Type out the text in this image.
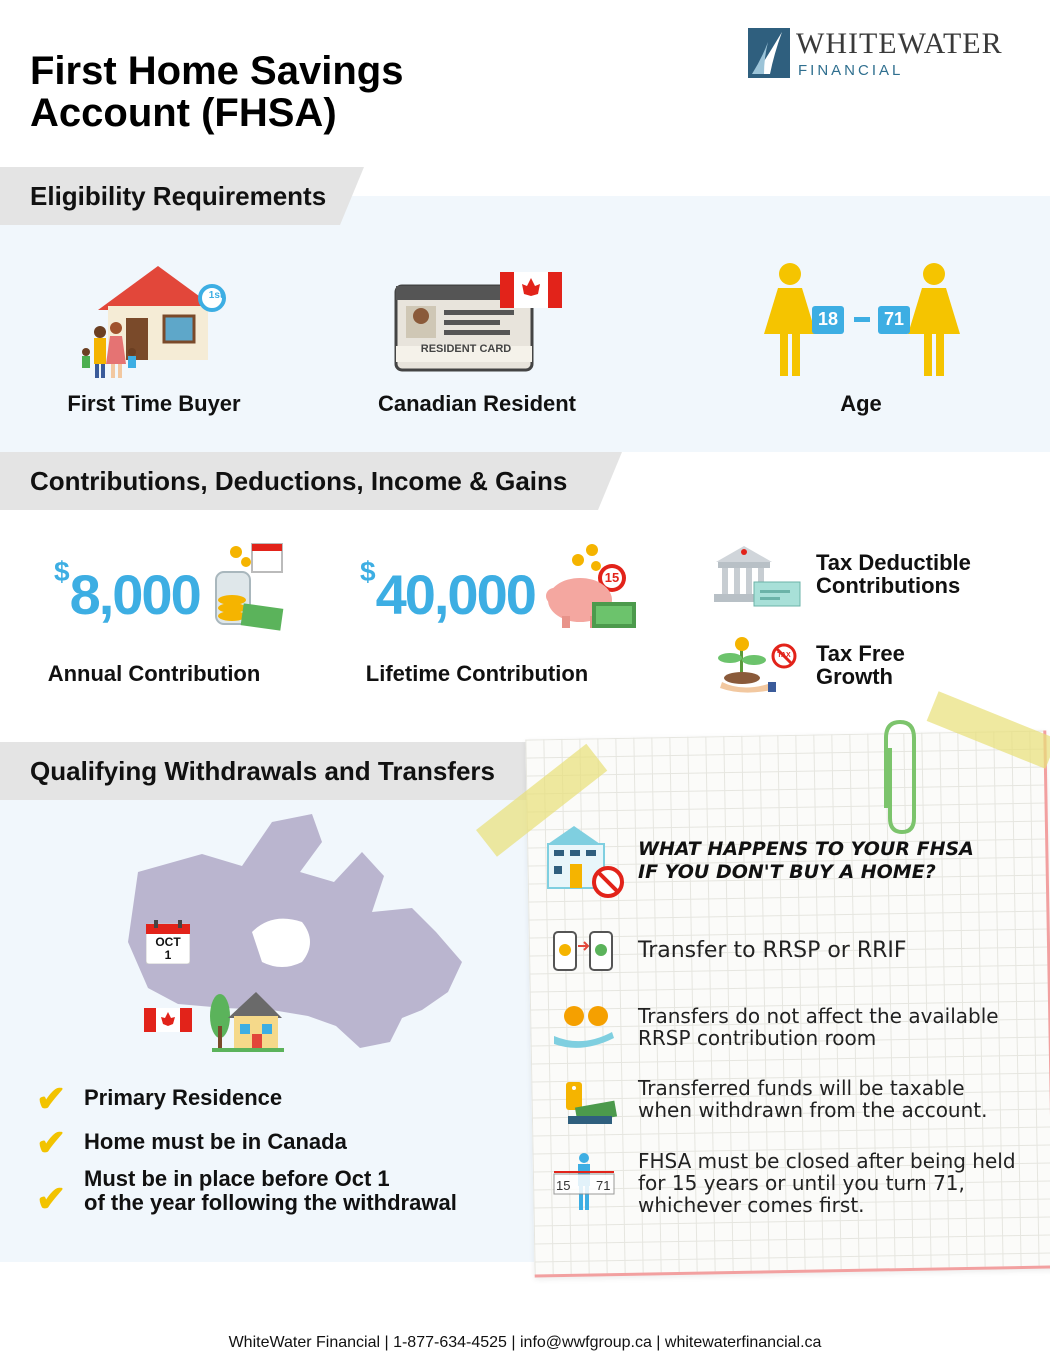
First Home Savings
Account (FHSA)
WHITEWATER
FINANCIAL
Eligibility Requirements
1st
First Time Buyer
RESIDENT CARD
Canadian Resident
18	71
Age
Contributions, Deductions, Income & Gains
$8,000
Annual Contribution
$40,000	15
Lifetime Contribution
Tax Deductible
Contributions
TAX Tax Free
Growth
Qualifying Withdrawals and Transfers
OCT
1
✔ Primary Residence
✔ Home must be in Canada
✔ Must be in place before Oct 1
of the year following the withdrawal
WHAT HAPPENS TO YOUR FHSA
IF YOU DON'T BUY A HOME?
Transfer to RRSP or RRIF
Transfers do not affect the available
RRSP contribution room
Transferred funds will be taxable
when withdrawn from the account.
15 71
FHSA must be closed after being held
for 15 years or until you turn 71,
whichever comes first.
WhiteWater Financial | 1-877-634-4525 | info@wwfgroup.ca | whitewaterfinancial.ca
